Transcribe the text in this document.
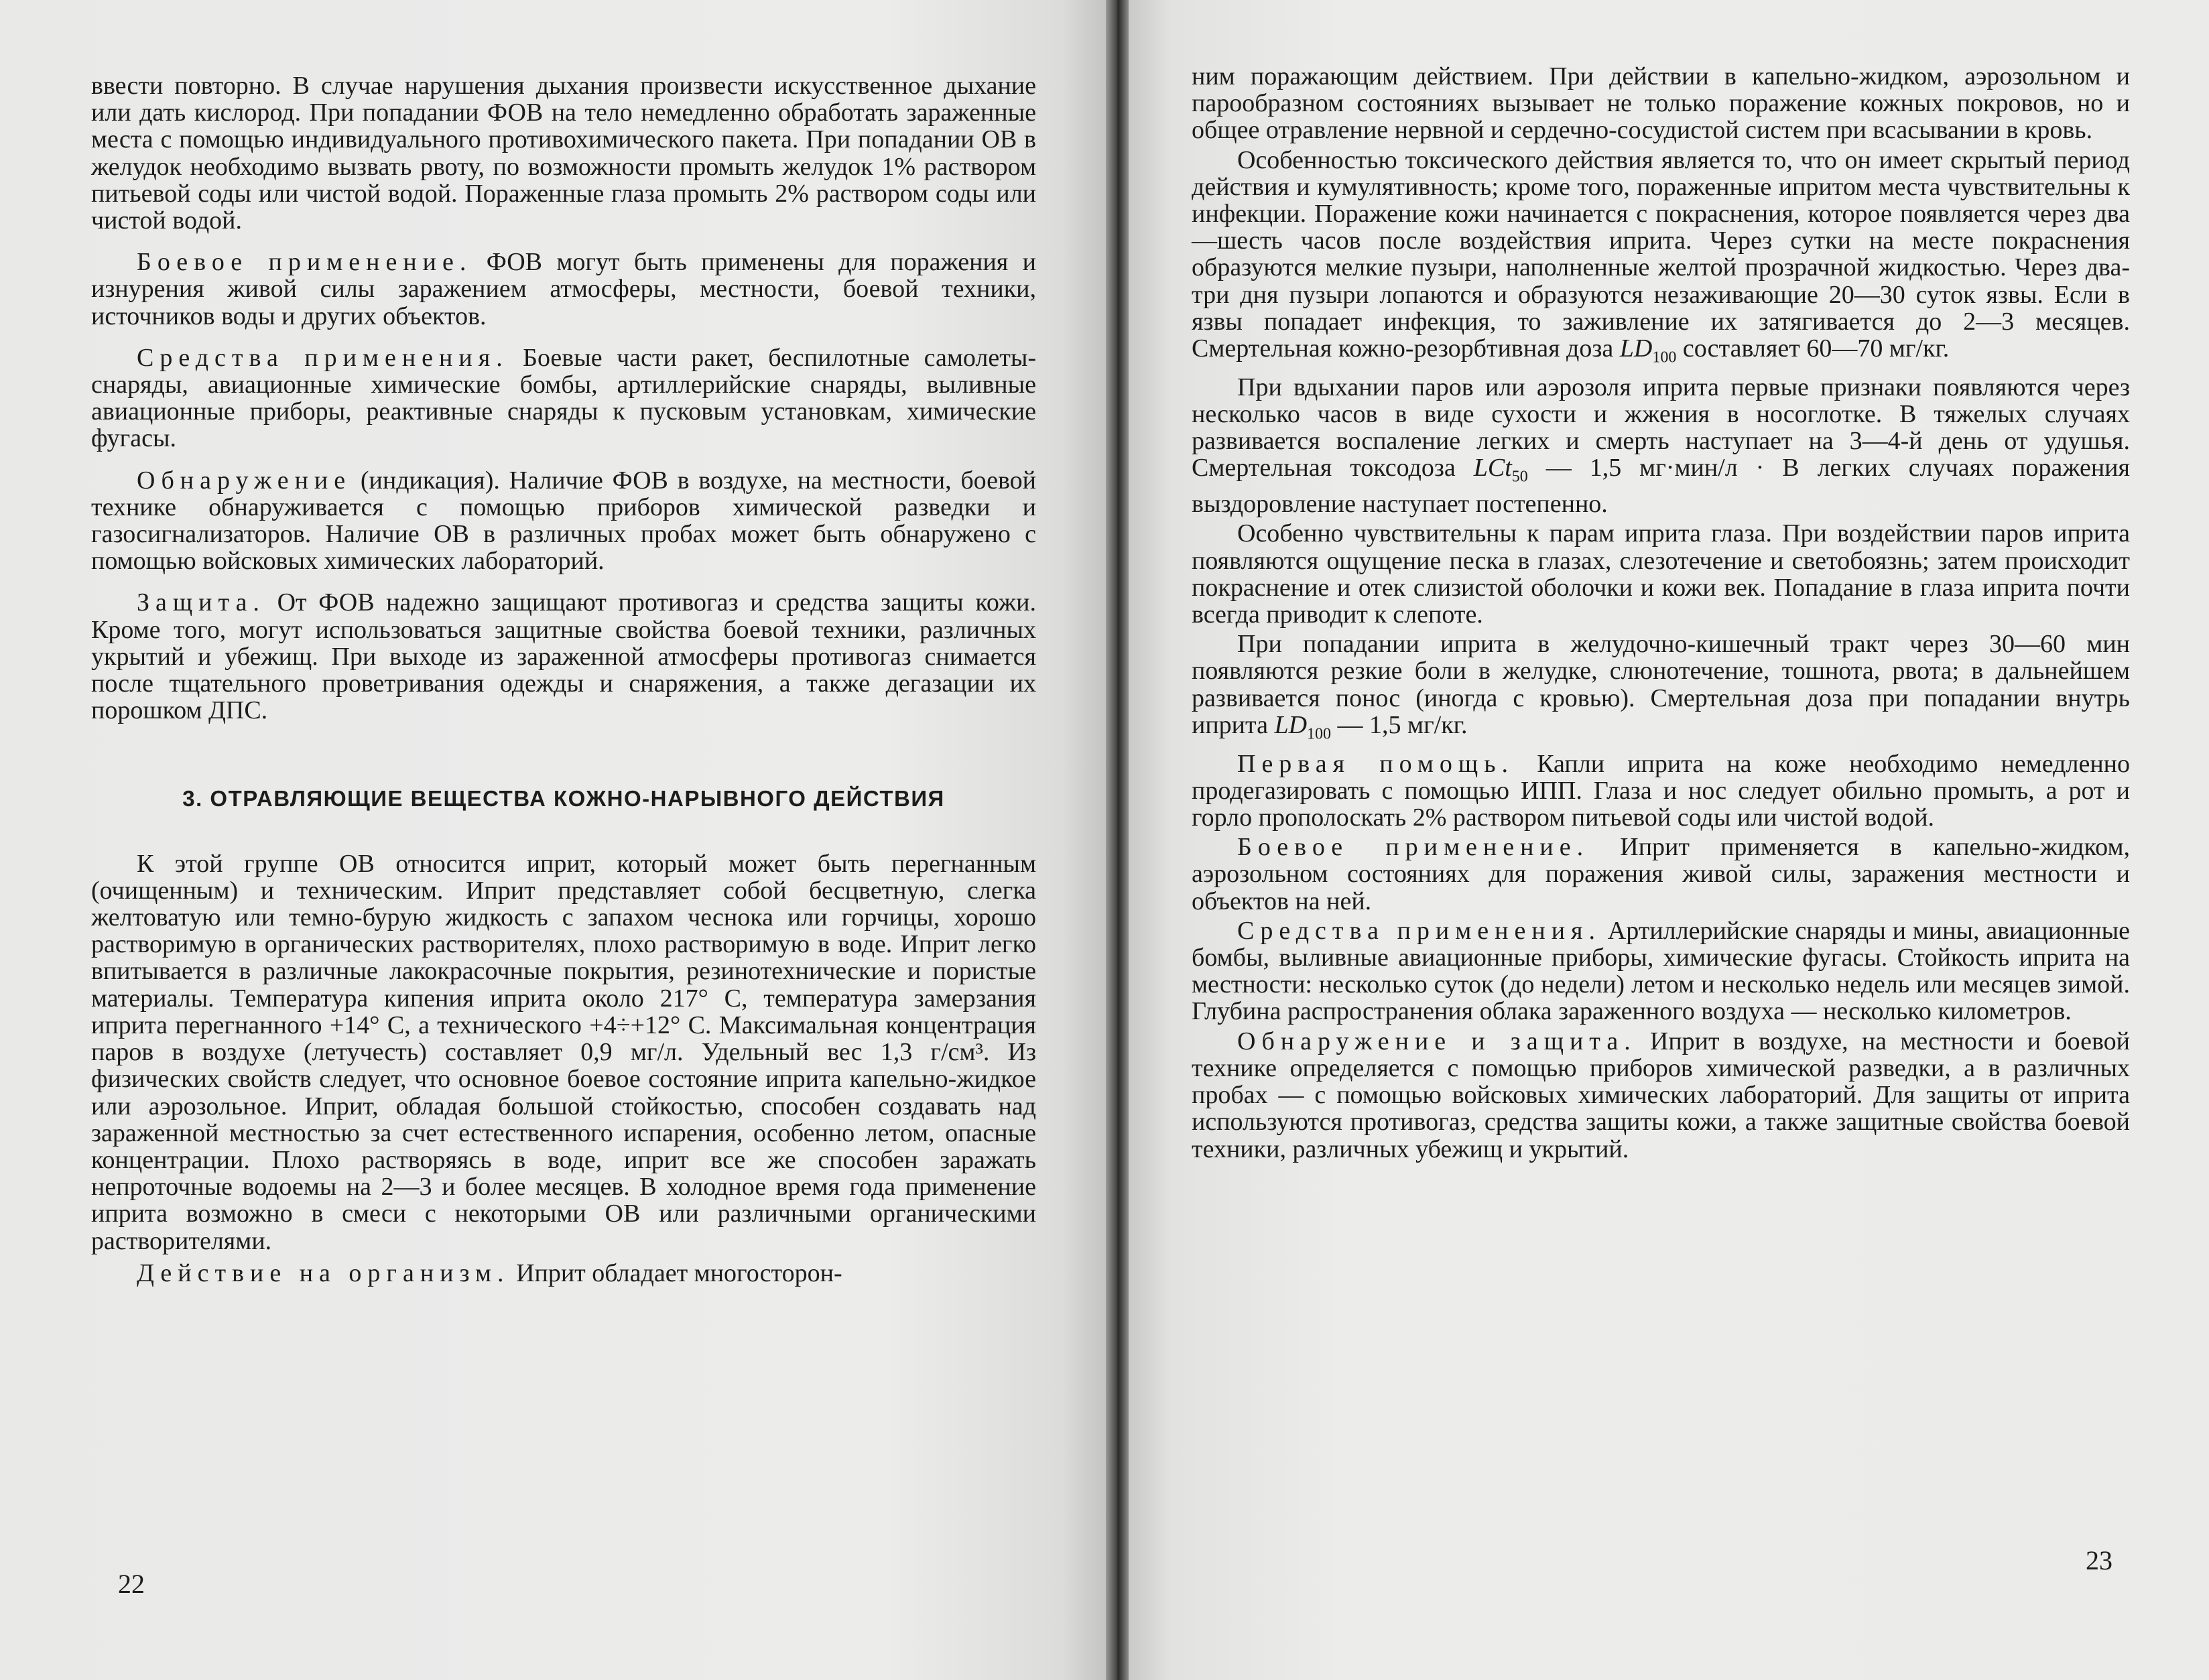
ввести повторно. В случае нарушения дыхания произвести искусственное дыхание или дать кислород. При попадании ФОВ на тело немедленно обработать зараженные места с помощью индивидуального противохимического пакета. При попадании ОВ в желудок необходимо вызвать рвоту, по возможности промыть желудок 1% раствором питьевой соды или чистой водой. Пораженные глаза промыть 2% раствором соды или чистой водой.

Боевое применение. ФОВ могут быть применены для поражения и изнурения живой силы заражением атмосферы, местности, боевой техники, источников воды и других объектов.

Средства применения. Боевые части ракет, беспилотные самолеты-снаряды, авиационные химические бомбы, артиллерийские снаряды, выливные авиационные приборы, реактивные снаряды к пусковым установкам, химические фугасы.

Обнаружение (индикация). Наличие ФОВ в воздухе, на местности, боевой технике обнаруживается с помощью приборов химической разведки и газосигнализаторов. Наличие ОВ в различных пробах может быть обнаружено с помощью войсковых химических лабораторий.

Защита. От ФОВ надежно защищают противогаз и средства защиты кожи. Кроме того, могут использоваться защитные свойства боевой техники, различных укрытий и убежищ. При выходе из зараженной атмосферы противогаз снимается после тщательного проветривания одежды и снаряжения, а также дегазации их порошком ДПС.

3. ОТРАВЛЯЮЩИЕ ВЕЩЕСТВА КОЖНО-НАРЫВНОГО ДЕЙСТВИЯ

К этой группе ОВ относится иприт, который может быть перегнанным (очищенным) и техническим. Иприт представляет собой бесцветную, слегка желтоватую или темно-бурую жидкость с запахом чеснока или горчицы, хорошо растворимую в органических растворителях, плохо растворимую в воде. Иприт легко впитывается в различные лакокрасочные покрытия, резинотехнические и пористые материалы. Температура кипения иприта около 217° С, температура замерзания иприта перегнанного +14° С, а технического +4÷+12° С. Максимальная концентрация паров в воздухе (летучесть) составляет 0,9 мг/л. Удельный вес 1,3 г/см³. Из физических свойств следует, что основное боевое состояние иприта капельно-жидкое или аэрозольное. Иприт, обладая большой стойкостью, способен создавать над зараженной местностью за счет естественного испарения, особенно летом, опасные концентрации. Плохо растворяясь в воде, иприт все же способен заражать непроточные водоемы на 2—3 и более месяцев. В холодное время года применение иприта возможно в смеси с некоторыми ОВ или различными органическими растворителями.

Действие на организм. Иприт обладает многосторон-

22

ним поражающим действием. При действии в капельно-жидком, аэрозольном и парообразном состояниях вызывает не только поражение кожных покровов, но и общее отравление нервной и сердечно-сосудистой систем при всасывании в кровь.

Особенностью токсического действия является то, что он имеет скрытый период действия и кумулятивность; кроме того, пораженные ипритом места чувствительны к инфекции. Поражение кожи начинается с покраснения, которое появляется через два—шесть часов после воздействия иприта. Через сутки на месте покраснения образуются мелкие пузыри, наполненные желтой прозрачной жидкостью. Через два-три дня пузыри лопаются и образуются незаживающие 20—30 суток язвы. Если в язвы попадает инфекция, то заживление их затягивается до 2—3 месяцев. Смертельная кожно-резорбтивная доза $LD_{100}$ составляет 60—70 мг/кг.

При вдыхании паров или аэрозоля иприта первые признаки появляются через несколько часов в виде сухости и жжения в носоглотке. В тяжелых случаях развивается воспаление легких и смерть наступает на 3—4-й день от удушья. Смертельная токсодоза LCt$_{50}$ — 1,5 мг·мин/л · В легких случаях поражения выздоровление наступает постепенно.

Особенно чувствительны к парам иприта глаза. При воздействии паров иприта появляются ощущение песка в глазах, слезотечение и светобоязнь; затем происходит покраснение и отек слизистой оболочки и кожи век. Попадание в глаза иприта почти всегда приводит к слепоте.

При попадании иприта в желудочно-кишечный тракт через 30—60 мин появляются резкие боли в желудке, слюнотечение, тошнота, рвота; в дальнейшем развивается понос (иногда с кровью). Смертельная доза при попадании внутрь иприта $LD_{100}$ — 1,5 мг/кг.

Первая помощь. Капли иприта на коже необходимо немедленно продегазировать с помощью ИПП. Глаза и нос следует обильно промыть, а рот и горло прополоскать 2% раствором питьевой соды или чистой водой.

Боевое применение. Иприт применяется в капельно-жидком, аэрозольном состояниях для поражения живой силы, заражения местности и объектов на ней.

Средства применения. Артиллерийские снаряды и мины, авиационные бомбы, выливные авиационные приборы, химические фугасы. Стойкость иприта на местности: несколько суток (до недели) летом и несколько недель или месяцев зимой. Глубина распространения облака зараженного воздуха — несколько километров.

Обнаружение и защита. Иприт в воздухе, на местности и боевой технике определяется с помощью приборов химической разведки, а в различных пробах — с помощью войсковых химических лабораторий. Для защиты от иприта используются противогаз, средства защиты кожи, а также защитные свойства боевой техники, различных убежищ и укрытий.

23
